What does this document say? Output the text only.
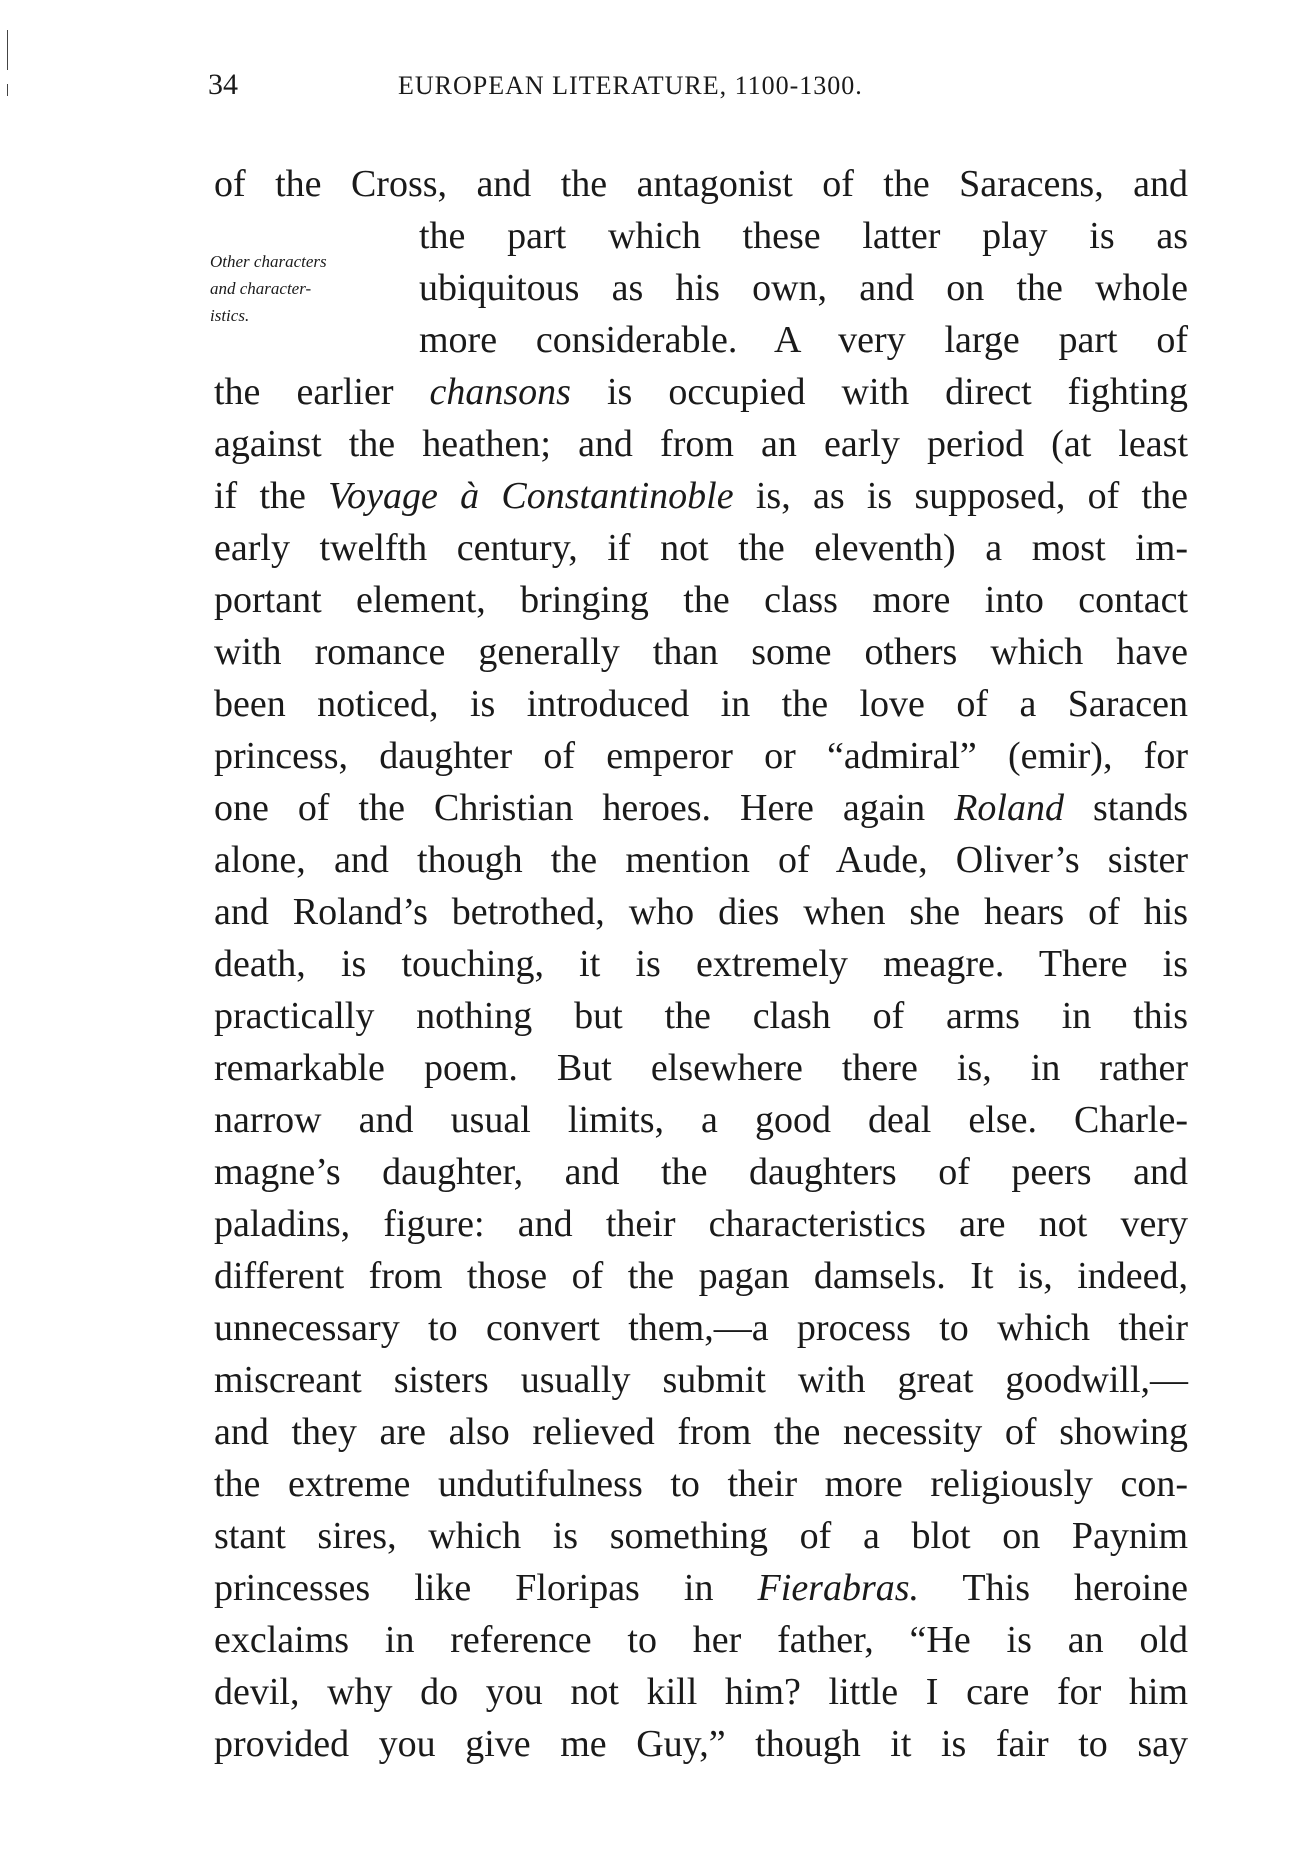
34	EUROPEAN LITERATURE, 1100-1300.
Other characters
and character-
istics.
of the Cross, and the antagonist of the Saracens, and
the part which these latter play is as
ubiquitous as his own, and on the whole
more considerable. A very large part of
the earlier chansons is occupied with direct fighting
against the heathen; and from an early period (at least
if the Voyage à Constantinoble is, as is supposed, of the
early twelfth century, if not the eleventh) a most im-
portant element, bringing the class more into contact
with romance generally than some others which have
been noticed, is introduced in the love of a Saracen
princess, daughter of emperor or “admiral” (emir), for
one of the Christian heroes. Here again Roland stands
alone, and though the mention of Aude, Oliver’s sister
and Roland’s betrothed, who dies when she hears of his
death, is touching, it is extremely meagre. There is
practically nothing but the clash of arms in this
remarkable poem. But elsewhere there is, in rather
narrow and usual limits, a good deal else. Charle-
magne’s daughter, and the daughters of peers and
paladins, figure: and their characteristics are not very
different from those of the pagan damsels. It is, indeed,
unnecessary to convert them,—a process to which their
miscreant sisters usually submit with great goodwill,—
and they are also relieved from the necessity of showing
the extreme undutifulness to their more religiously con-
stant sires, which is something of a blot on Paynim
princesses like Floripas in Fierabras. This heroine
exclaims in reference to her father, “He is an old
devil, why do you not kill him? little I care for him
provided you give me Guy,” though it is fair to say
